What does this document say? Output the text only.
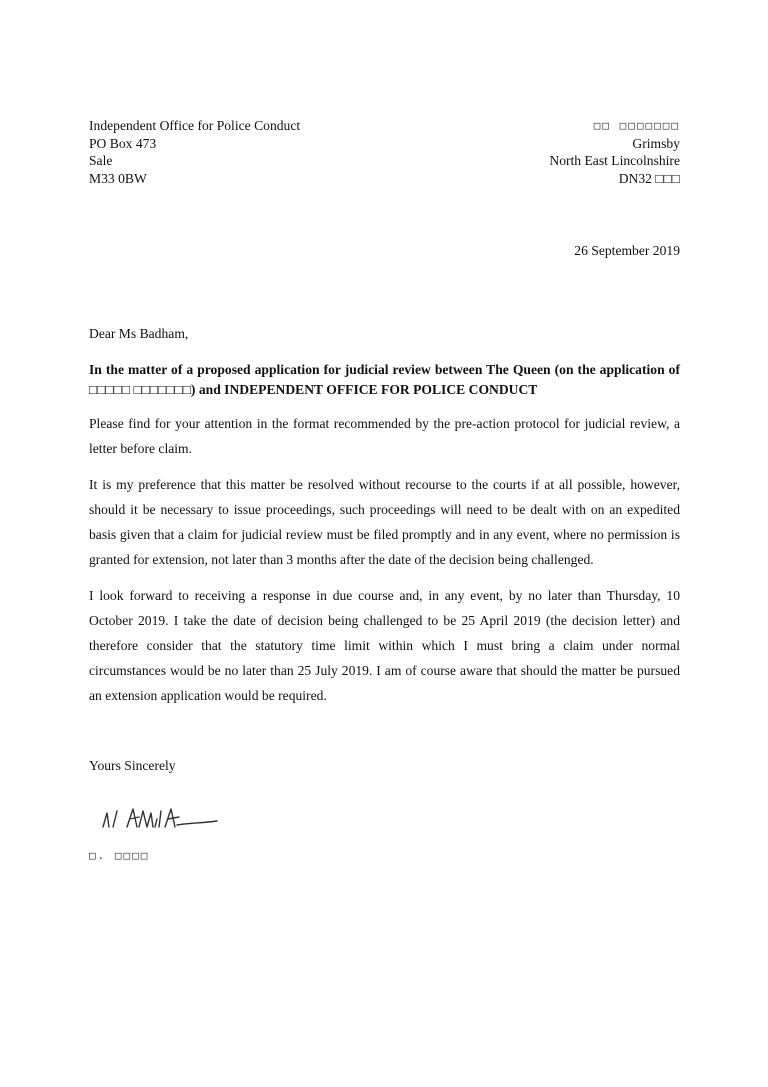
Independent Office for Police Conduct	□□ □□□□□□□
PO Box 473	Grimsby
Sale	North East Lincolnshire
M33 0BW	DN32 □□□
26 September 2019
Dear Ms Badham,
In the matter of a proposed application for judicial review between The Queen (on the application of □□□□□ □□□□□□□) and INDEPENDENT OFFICE FOR POLICE CONDUCT
Please find for your attention in the format recommended by the pre-action protocol for judicial review, a letter before claim.
It is my preference that this matter be resolved without recourse to the courts if at all possible, however, should it be necessary to issue proceedings, such proceedings will need to be dealt with on an expedited basis given that a claim for judicial review must be filed promptly and in any event, where no permission is granted for extension, not later than 3 months after the date of the decision being challenged.
I look forward to receiving a response in due course and, in any event, by no later than Thursday, 10 October 2019. I take the date of decision being challenged to be 25 April 2019 (the decision letter) and therefore consider that the statutory time limit within which I must bring a claim under normal circumstances would be no later than 25 July 2019. I am of course aware that should the matter be pursued an extension application would be required.
Yours Sincerely
□. □□□□
